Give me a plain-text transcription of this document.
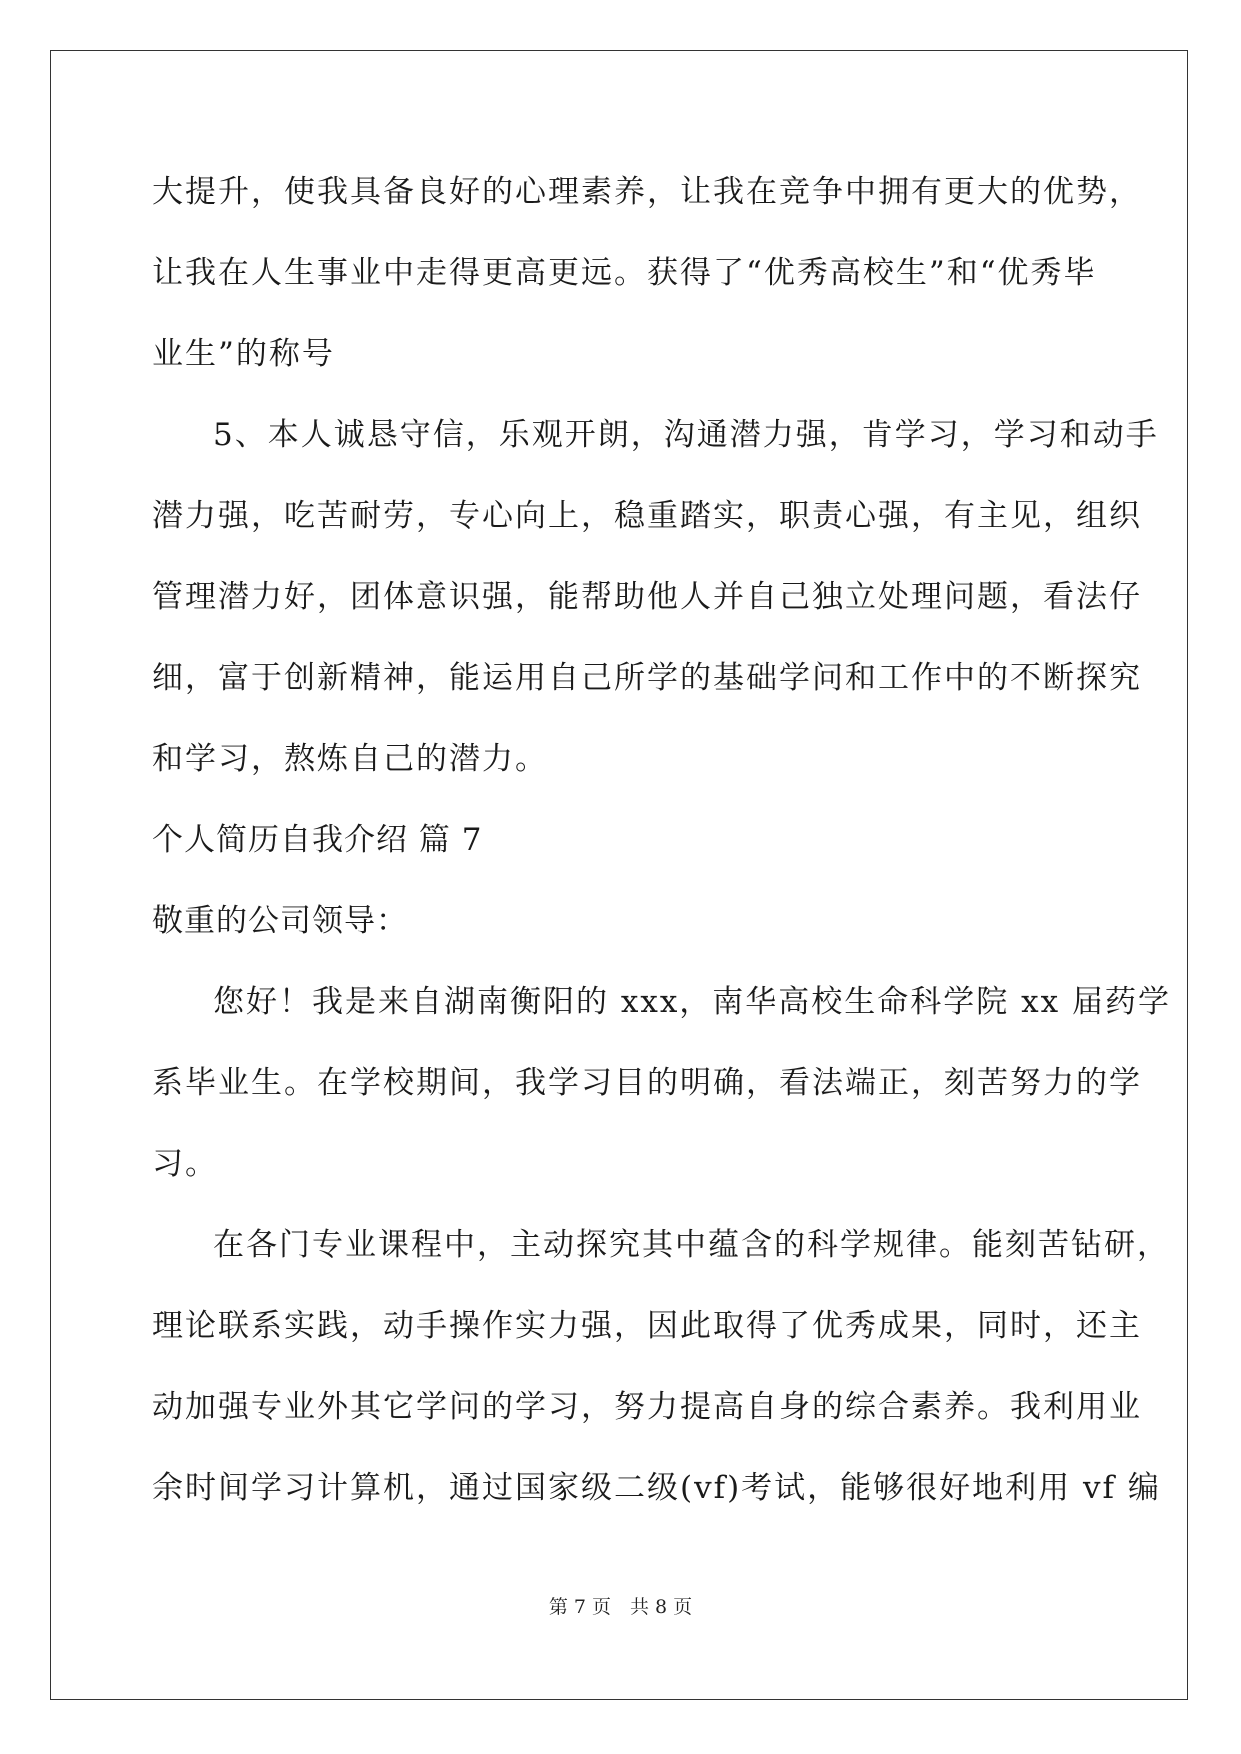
大提升，使我具备良好的心理素养，让我在竞争中拥有更大的优势，
让我在人生事业中走得更高更远。获得了“优秀高校生”和“优秀毕
业生”的称号
5、本人诚恳守信，乐观开朗，沟通潜力强，肯学习，学习和动手
潜力强，吃苦耐劳，专心向上，稳重踏实，职责心强，有主见，组织
管理潜力好，团体意识强，能帮助他人并自己独立处理问题，看法仔
细，富于创新精神，能运用自己所学的基础学问和工作中的不断探究
和学习，熬炼自己的潜力。
个人简历自我介绍 篇 7
敬重的公司领导：
您好！我是来自湖南衡阳的 xxx，南华高校生命科学院 xx 届药学
系毕业生。在学校期间，我学习目的明确，看法端正，刻苦努力的学
习。
在各门专业课程中，主动探究其中蕴含的科学规律。能刻苦钻研，
理论联系实践，动手操作实力强，因此取得了优秀成果，同时，还主
动加强专业外其它学问的学习，努力提高自身的综合素养。我利用业
余时间学习计算机，通过国家级二级(vf)考试，能够很好地利用 vf 编
第 7 页　共 8 页
